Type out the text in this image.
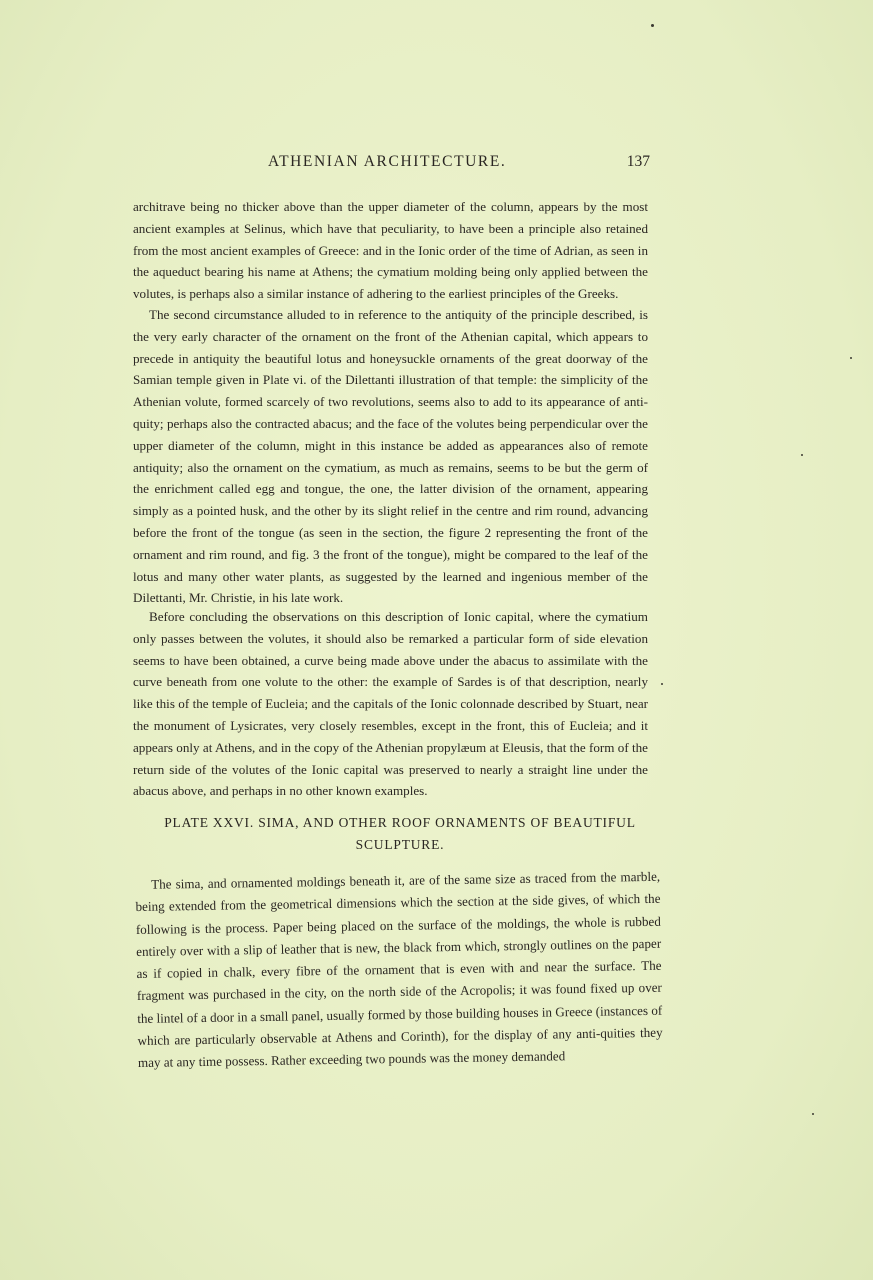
ATHENIAN ARCHITECTURE.	137

architrave being no thicker above than the upper diameter of the column, appears by the most ancient examples at Selinus, which have that peculiarity, to have been a principle also retained from the most ancient examples of Greece: and in the Ionic order of the time of Adrian, as seen in the aqueduct bearing his name at Athens; the cymatium molding being only applied between the volutes, is perhaps also a similar instance of adhering to the earliest principles of the Greeks.

The second circumstance alluded to in reference to the antiquity of the principle described, is the very early character of the ornament on the front of the Athenian capital, which appears to precede in antiquity the beautiful lotus and honeysuckle ornaments of the great doorway of the Samian temple given in Plate vi. of the Dilettanti illustration of that temple: the simplicity of the Athenian volute, formed scarcely of two revolutions, seems also to add to its appearance of anti-quity; perhaps also the contracted abacus; and the face of the volutes being perpendicular over the upper diameter of the column, might in this instance be added as appearances also of remote antiquity; also the ornament on the cymatium, as much as remains, seems to be but the germ of the enrichment called egg and tongue, the one, the latter division of the ornament, appearing simply as a pointed husk, and the other by its slight relief in the centre and rim round, advancing before the front of the tongue (as seen in the section, the figure 2 representing the front of the ornament and rim round, and fig. 3 the front of the tongue), might be compared to the leaf of the lotus and many other water plants, as suggested by the learned and ingenious member of the Dilettanti, Mr. Christie, in his late work.

Before concluding the observations on this description of Ionic capital, where the cymatium only passes between the volutes, it should also be remarked a particular form of side elevation seems to have been obtained, a curve being made above under the abacus to assimilate with the curve beneath from one volute to the other: the example of Sardes is of that description, nearly like this of the temple of Eucleia; and the capitals of the Ionic colonnade described by Stuart, near the monument of Lysicrates, very closely resembles, except in the front, this of Eucleia; and it appears only at Athens, and in the copy of the Athenian propylæum at Eleusis, that the form of the return side of the volutes of the Ionic capital was preserved to nearly a straight line under the abacus above, and perhaps in no other known examples.

PLATE XXVI. SIMA, AND OTHER ROOF ORNAMENTS OF BEAUTIFUL SCULPTURE.

The sima, and ornamented moldings beneath it, are of the same size as traced from the marble, being extended from the geometrical dimensions which the section at the side gives, of which the following is the process. Paper being placed on the surface of the moldings, the whole is rubbed entirely over with a slip of leather that is new, the black from which, strongly outlines on the paper as if copied in chalk, every fibre of the ornament that is even with and near the surface. The fragment was purchased in the city, on the north side of the Acropolis; it was found fixed up over the lintel of a door in a small panel, usually formed by those building houses in Greece (instances of which are particularly observable at Athens and Corinth), for the display of any anti-quities they may at any time possess. Rather exceeding two pounds was the money demanded
